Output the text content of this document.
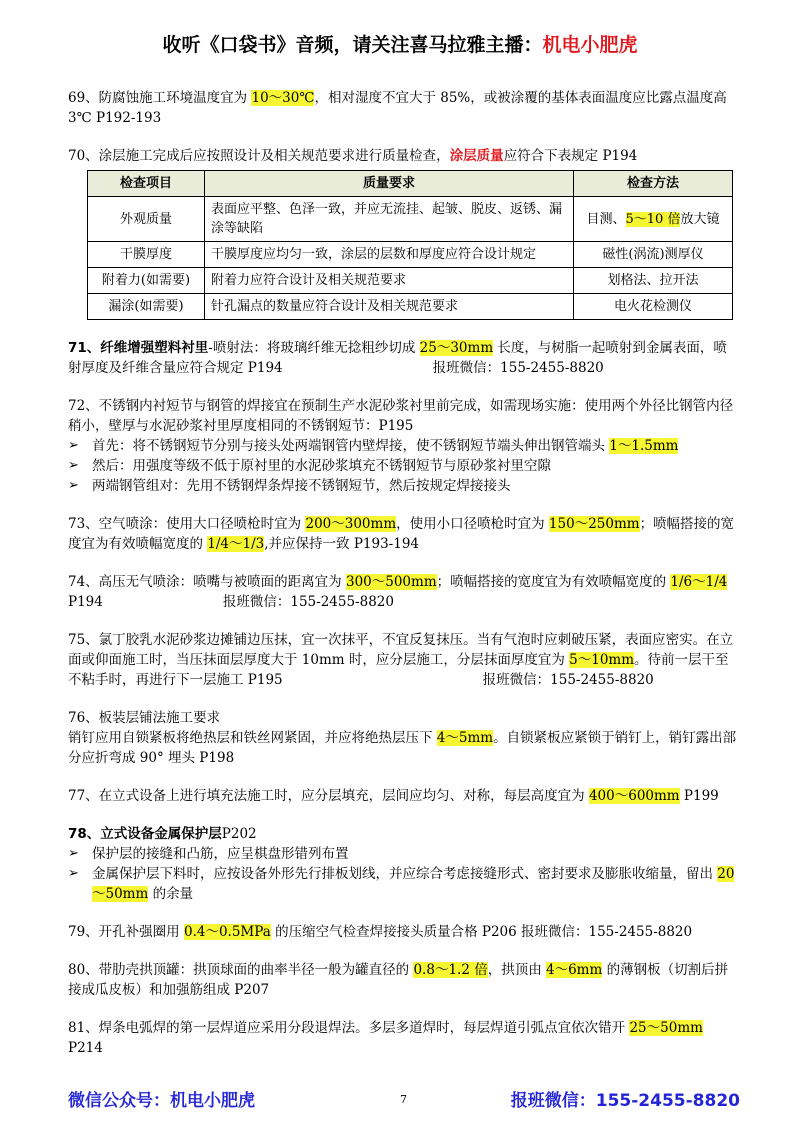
收听《口袋书》音频，请关注喜马拉雅主播：机电小肥虎

69、防腐蚀施工环境温度宜为 10～30℃，相对湿度不宜大于 85%，或被涂覆的基体表面温度应比露点温度高 3℃ P192-193

70、涂层施工完成后应按照设计及相关规范要求进行质量检查，涂层质量应符合下表规定 P194

检查项目	质量要求	检查方法
外观质量	表面应平整、色泽一致，并应无流挂、起皱、脱皮、返锈、漏涂等缺陷	目测、5～10 倍放大镜
干膜厚度	干膜厚度应均匀一致，涂层的层数和厚度应符合设计规定	磁性(涡流)测厚仪
附着力(如需要)	附着力应符合设计及相关规范要求	划格法、拉开法
漏涂(如需要)	针孔漏点的数量应符合设计及相关规范要求	电火花检测仪

71、纤维增强塑料衬里-喷射法：将玻璃纤维无捻粗纱切成 25～30mm 长度，与树脂一起喷射到金属表面，喷射厚度及纤维含量应符合规定 P194	报班微信：155-2455-8820

72、不锈钢内衬短节与钢管的焊接宜在预制生产水泥砂浆衬里前完成，如需现场实施：使用两个外径比钢管内径稍小，壁厚与水泥砂浆衬里厚度相同的不锈钢短节：P195

➢ 首先：将不锈钢短节分别与接头处两端钢管内壁焊接，使不锈钢短节端头伸出钢管端头 1～1.5mm
➢ 然后：用强度等级不低于原衬里的水泥砂浆填充不锈钢短节与原砂浆衬里空隙
➢ 两端钢管组对：先用不锈钢焊条焊接不锈钢短节，然后按规定焊接接头

73、空气喷涂：使用大口径喷枪时宜为 200～300mm，使用小口径喷枪时宜为 150～250mm；喷幅搭接的宽度宜为有效喷幅宽度的 1/4～1/3,并应保持一致 P193-194

74、高压无气喷涂：喷嘴与被喷面的距离宜为 300～500mm；喷幅搭接的宽度宜为有效喷幅宽度的 1/6～1/4 P194	报班微信：155-2455-8820

75、氯丁胶乳水泥砂浆边摊铺边压抹，宜一次抹平，不宜反复抹压。当有气泡时应刺破压紧，表面应密实。在立面或仰面施工时，当压抹面层厚度大于 10mm 时，应分层施工，分层抹面厚度宜为 5～10mm。待前一层干至不粘手时，再进行下一层施工 P195	报班微信：155-2455-8820

76、板装层铺法施工要求

销钉应用自锁紧板将绝热层和铁丝网紧固，并应将绝热层压下 4～5mm。自锁紧板应紧锁于销钉上，销钉露出部分应折弯成 90° 埋头 P198

77、在立式设备上进行填充法施工时，应分层填充，层间应均匀、对称，每层高度宜为 400～600mm P199

78、立式设备金属保护层P202

➢ 保护层的接缝和凸筋，应呈棋盘形错列布置
➢ 金属保护层下料时，应按设备外形先行排板划线，并应综合考虑接缝形式、密封要求及膨胀收缩量，留出 20～50mm 的余量

79、开孔补强圈用 0.4～0.5MPa 的压缩空气检查焊接接头质量合格 P206 报班微信：155-2455-8820

80、带肋壳拱顶罐：拱顶球面的曲率半径一般为罐直径的 0.8～1.2 倍，拱顶由 4～6mm 的薄钢板（切割后拼接成瓜皮板）和加强筋组成 P207

81、焊条电弧焊的第一层焊道应采用分段退焊法。多层多道焊时，每层焊道引弧点宜依次错开 25～50mm P214

微信公众号：机电小肥虎	7	报班微信：155-2455-8820
